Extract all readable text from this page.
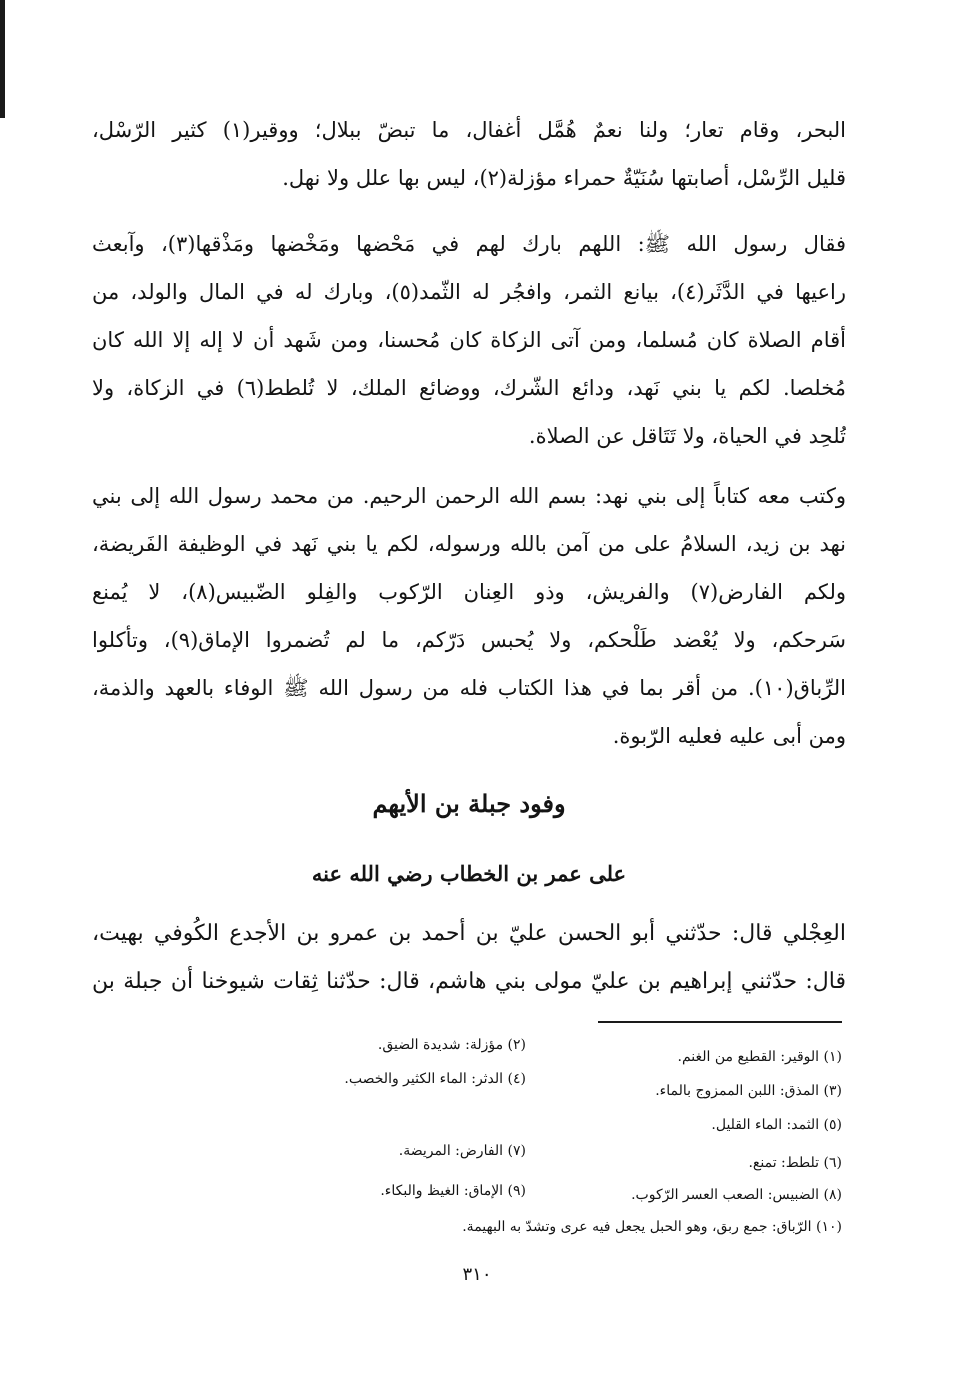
البحر، وقام تعار؛ ولنا نعمٌ هُمَّل أغفال، ما تبضّ ببلال؛ ووقير(١) كثير الرّسْل،
قليل الرِّسْل، أصابتها سُنَيّةٌ حمراء مؤزلة(٢)، ليس بها علل ولا نهل.
فقال رسول الله ﷺ: اللهم بارك لهم في مَحْضها ومَخْضها ومَذْقها(٣)، وآبعث
راعيها في الدَّثَر(٤)، بيانع الثمر، وافجُر له الثّمد(٥)، وبارك له في المال والولد، من
أقام الصلاة كان مُسلما، ومن آتى الزكاة كان مُحسنا، ومن شَهد أن لا إله إلا الله كان
مُخلصا. لكم يا بني نَهد، ودائع الشّرك، ووضائع الملك، لا تُلطط(٦) في الزكاة، ولا
تُلحِد في الحياة، ولا تَتَاقل عن الصلاة.
وكتب معه كتاباً إلى بني نهد: بسم الله الرحمن الرحيم. من محمد رسول الله إلى بني
نهد بن زيد، السلامُ على من آمن بالله ورسوله، لكم يا بني نَهد في الوظيفة الفَريضة،
ولكم الفارض(٧) والفريش، وذو العِنان الرّكوب والفِلو الضّبيس(٨)، لا يُمنع
سَرحكم، ولا يُعْضد طَلْحكم، ولا يُحبس دَرّكم، ما لم تُضمروا الإماق(٩)، وتأكلوا
الرِّباق(١٠). من أقر بما في هذا الكتاب فله من رسول الله ﷺ الوفاء بالعهد والذمة،
ومن أبى عليه فعليه الرّبوة.
وفود جبلة بن الأيهم
على عمر بن الخطاب رضي الله عنه
العِجْلي قال: حدّثني أبو الحسن عليّ بن أحمد بن عمرو بن الأجدع الكُوفي بهيت،
قال: حدّثني إبراهيم بن عليّ مولى بني هاشم، قال: حدّثنا ثِقات شيوخنا أن جبلة بن
(١) الوقير: القطيع من الغنم.
(٢) مؤزلة: شديدة الضيق.
(٣) المذق: اللبن الممزوج بالماء.
(٤) الدثر: الماء الكثير والخصب.
(٥) الثمد: الماء القليل.
(٦) تلطط: تمنع.
(٧) الفارض: المريضة.
(٨) الضبيس: الصعب العسر الرّكوب.
(٩) الإماق: الغيظ والبكاء.
(١٠) الرّباق: جمع ربق، وهو الحبل يجعل فيه عرى وتشدّ به البهيمة.
٣١٠
